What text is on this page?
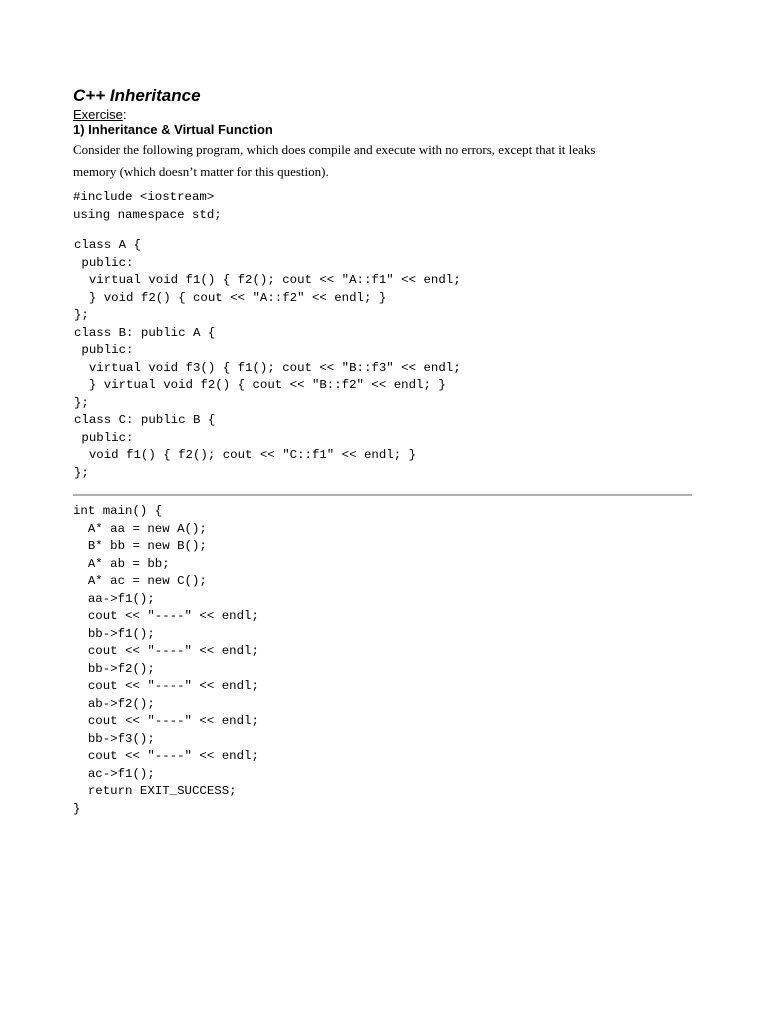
C++ Inheritance
Exercise:
1) Inheritance & Virtual Function
Consider the following program, which does compile and execute with no errors, except that it leaks
memory (which doesn’t matter for this question).
#include <iostream>
using namespace std;
class A {
public:
virtual void f1() { f2(); cout << "A::f1" << endl;
} void f2() { cout << "A::f2" << endl; }
};
class B: public A {
public:
virtual void f3() { f1(); cout << "B::f3" << endl;
} virtual void f2() { cout << "B::f2" << endl; }
};
class C: public B {
public:
void f1() { f2(); cout << "C::f1" << endl; }
};
int main() {
A* aa = new A();
B* bb = new B();
A* ab = bb;
A* ac = new C();
aa->f1();
cout << "----" << endl;
bb->f1();
cout << "----" << endl;
bb->f2();
cout << "----" << endl;
ab->f2();
cout << "----" << endl;
bb->f3();
cout << "----" << endl;
ac->f1();
return EXIT_SUCCESS;
}
